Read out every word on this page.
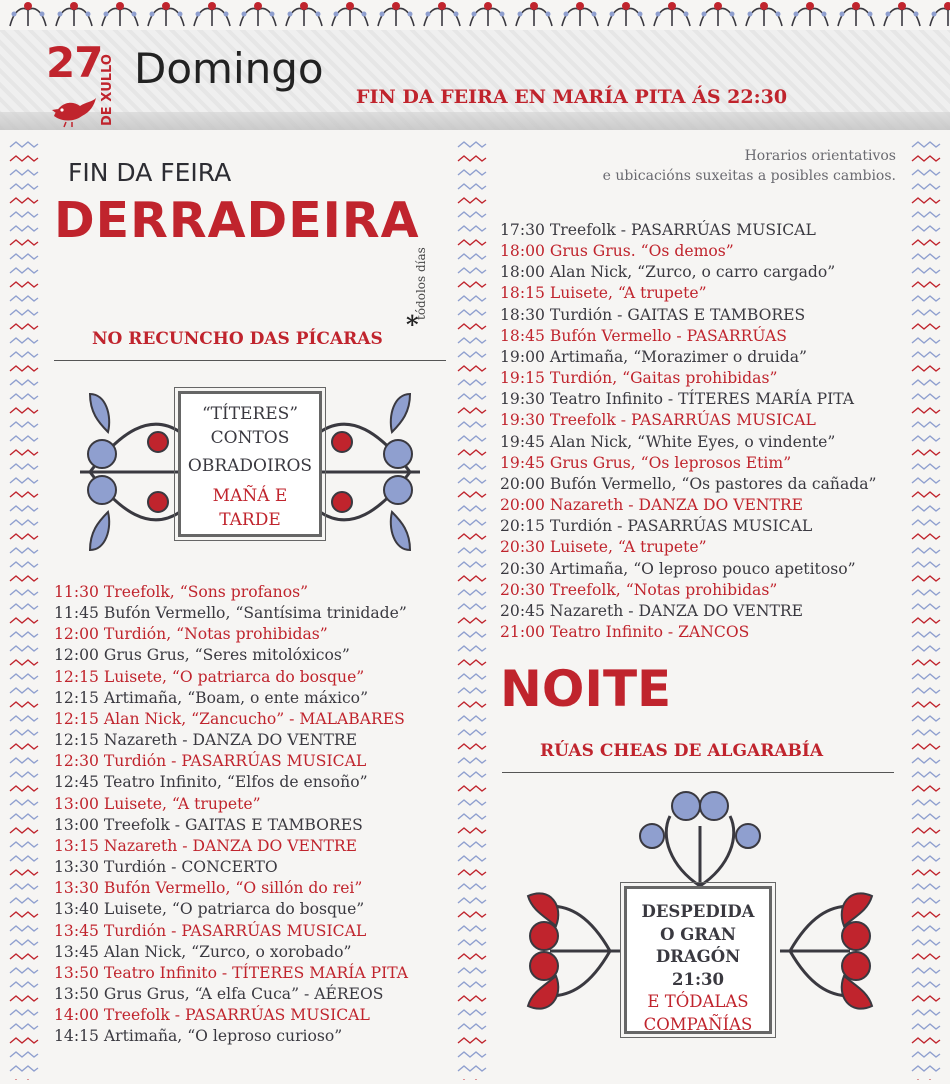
27
DE XULLO Domingo
FIN DA FEIRA EN MARÍA PITA ÁS 22:30
FIN DA FEIRA
DERRADEIRA
tódolos días
*
NO RECUNCHO DAS PÍCARAS
“TÍTERES”
CONTOS
OBRADOIROS
MAÑÁ E
TARDE
11:30 Treefolk, “Sons profanos”
11:45 Bufón Vermello, “Santísima trinidade”
12:00 Turdión, “Notas prohibidas”
12:00 Grus Grus, “Seres mitolóxicos”
12:15 Luisete, “O patriarca do bosque”
12:15 Artimaña, “Boam, o ente máxico”
12:15 Alan Nick, “Zancucho” - MALABARES
12:15 Nazareth - DANZA DO VENTRE
12:30 Turdión - PASARRÚAS MUSICAL
12:45 Teatro Infinito, “Elfos de ensoño”
13:00 Luisete, “A trupete”
13:00 Treefolk - GAITAS E TAMBORES
13:15 Nazareth - DANZA DO VENTRE
13:30 Turdión - CONCERTO
13:30 Bufón Vermello, “O sillón do rei”
13:40 Luisete, “O patriarca do bosque”
13:45 Turdión - PASARRÚAS MUSICAL
13:45 Alan Nick, “Zurco, o xorobado”
13:50 Teatro Infinito - TÍTERES MARÍA PITA
13:50 Grus Grus, “A elfa Cuca” - AÉREOS
14:00 Treefolk - PASARRÚAS MUSICAL
14:15 Artimaña, “O leproso curioso”
Horarios orientativos
e ubicacións suxeitas a posibles cambios.
17:30 Treefolk - PASARRÚAS MUSICAL
18:00 Grus Grus. “Os demos”
18:00 Alan Nick, “Zurco, o carro cargado”
18:15 Luisete, “A trupete”
18:30 Turdión - GAITAS E TAMBORES
18:45 Bufón Vermello - PASARRÚAS
19:00 Artimaña, “Morazimer o druida”
19:15 Turdión, “Gaitas prohibidas”
19:30 Teatro Infinito - TÍTERES MARÍA PITA
19:30 Treefolk - PASARRÚAS MUSICAL
19:45 Alan Nick, “White Eyes, o vindente”
19:45 Grus Grus, “Os leprosos Etim”
20:00 Bufón Vermello, “Os pastores da cañada”
20:00 Nazareth - DANZA DO VENTRE
20:15 Turdión - PASARRÚAS MUSICAL
20:30 Luisete, “A trupete”
20:30 Artimaña, “O leproso pouco apetitoso”
20:30 Treefolk, “Notas prohibidas”
20:45 Nazareth - DANZA DO VENTRE
21:00 Teatro Infinito - ZANCOS
NOITE
RÚAS CHEAS DE ALGARABÍA
DESPEDIDA
O GRAN
DRAGÓN
21:30
E TÓDALAS
COMPAÑÍAS
